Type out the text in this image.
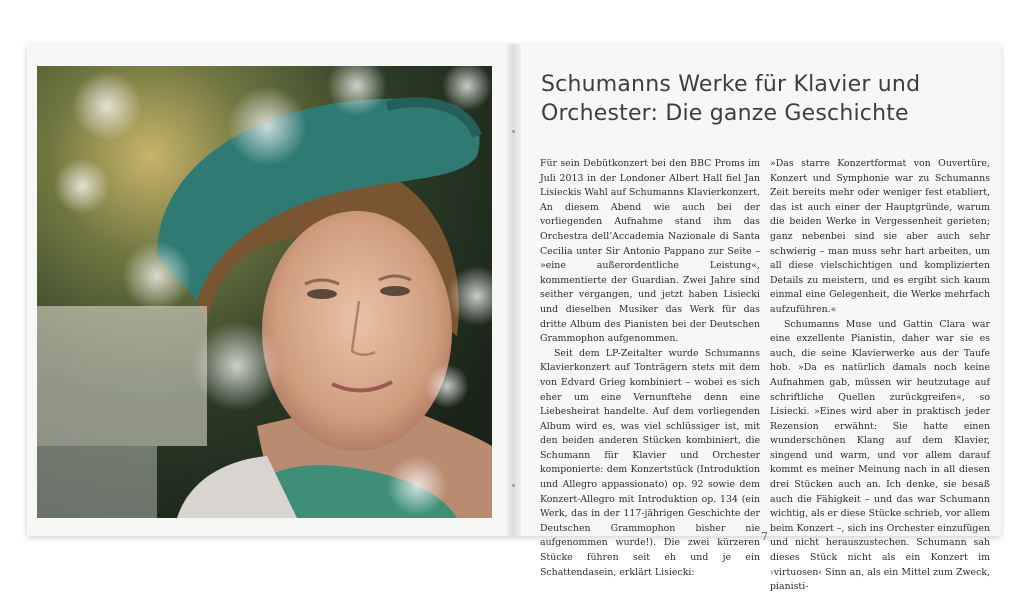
Schumanns Werke für Klavier und Orchester: Die ganze Geschichte

Für sein Debütkonzert bei den BBC Proms im Juli 2013 in der Londoner Albert Hall fiel Jan Lisieckis Wahl auf Schumanns Klavierkonzert. An diesem Abend wie auch bei der vorliegenden Aufnahme stand ihm das Orchestra dell’Accademia Nazionale di Santa Cecilia unter Sir Antonio Pappano zur Seite – »eine außerordentliche Leistung«, kommentierte der Guardian. Zwei Jahre sind seither vergangen, und jetzt haben Lisiecki und dieselben Musiker das Werk für das dritte Album des Pianisten bei der Deutschen Grammophon aufgenommen.

Seit dem LP-Zeitalter wurde Schumanns Klavierkonzert auf Tonträgern stets mit dem von Edvard Grieg kombiniert – wobei es sich eher um eine Vernunftehe denn eine Liebesheirat handelte. Auf dem vorliegenden Album wird es, was viel schlüssiger ist, mit den beiden anderen Stücken kombiniert, die Schumann für Klavier und Orchester komponierte: dem Konzertstück (Introduktion und Allegro appassionato) op. 92 sowie dem Konzert-Allegro mit Introduktion op. 134 (ein Werk, das in der 117-jährigen Geschichte der Deutschen Grammophon bisher nie aufgenommen wurde!). Die zwei kürzeren Stücke führen seit eh und je ein Schattendasein, erklärt Lisiecki:

»Das starre Konzertformat von Ouvertüre, Konzert und Symphonie war zu Schumanns Zeit bereits mehr oder weniger fest etabliert, das ist auch einer der Hauptgründe, warum die beiden Werke in Vergessenheit gerieten; ganz nebenbei sind sie aber auch sehr schwierig – man muss sehr hart arbeiten, um all diese vielschichtigen und komplizierten Details zu meistern, und es ergibt sich kaum einmal eine Gelegenheit, die Werke mehrfach aufzuführen.«

Schumanns Muse und Gattin Clara war eine exzellente Pianistin, daher war sie es auch, die seine Klavierwerke aus der Taufe hob. »Da es natürlich damals noch keine Aufnahmen gab, müssen wir heutzutage auf schriftliche Quellen zurückgreifen«, so Lisiecki. »Eines wird aber in praktisch jeder Rezension erwähnt: Sie hatte einen wunderschönen Klang auf dem Klavier, singend und warm, und vor allem darauf kommt es meiner Meinung nach in all diesen drei Stücken auch an. Ich denke, sie besaß auch die Fähigkeit – und das war Schumann wichtig, als er diese Stücke schrieb, vor allem beim Konzert –, sich ins Orchester einzufügen und nicht herauszustechen. Schumann sah dieses Stück nicht als ein Konzert im ›virtuosen‹ Sinn an, als ein Mittel zum Zweck, pianisti-

7
